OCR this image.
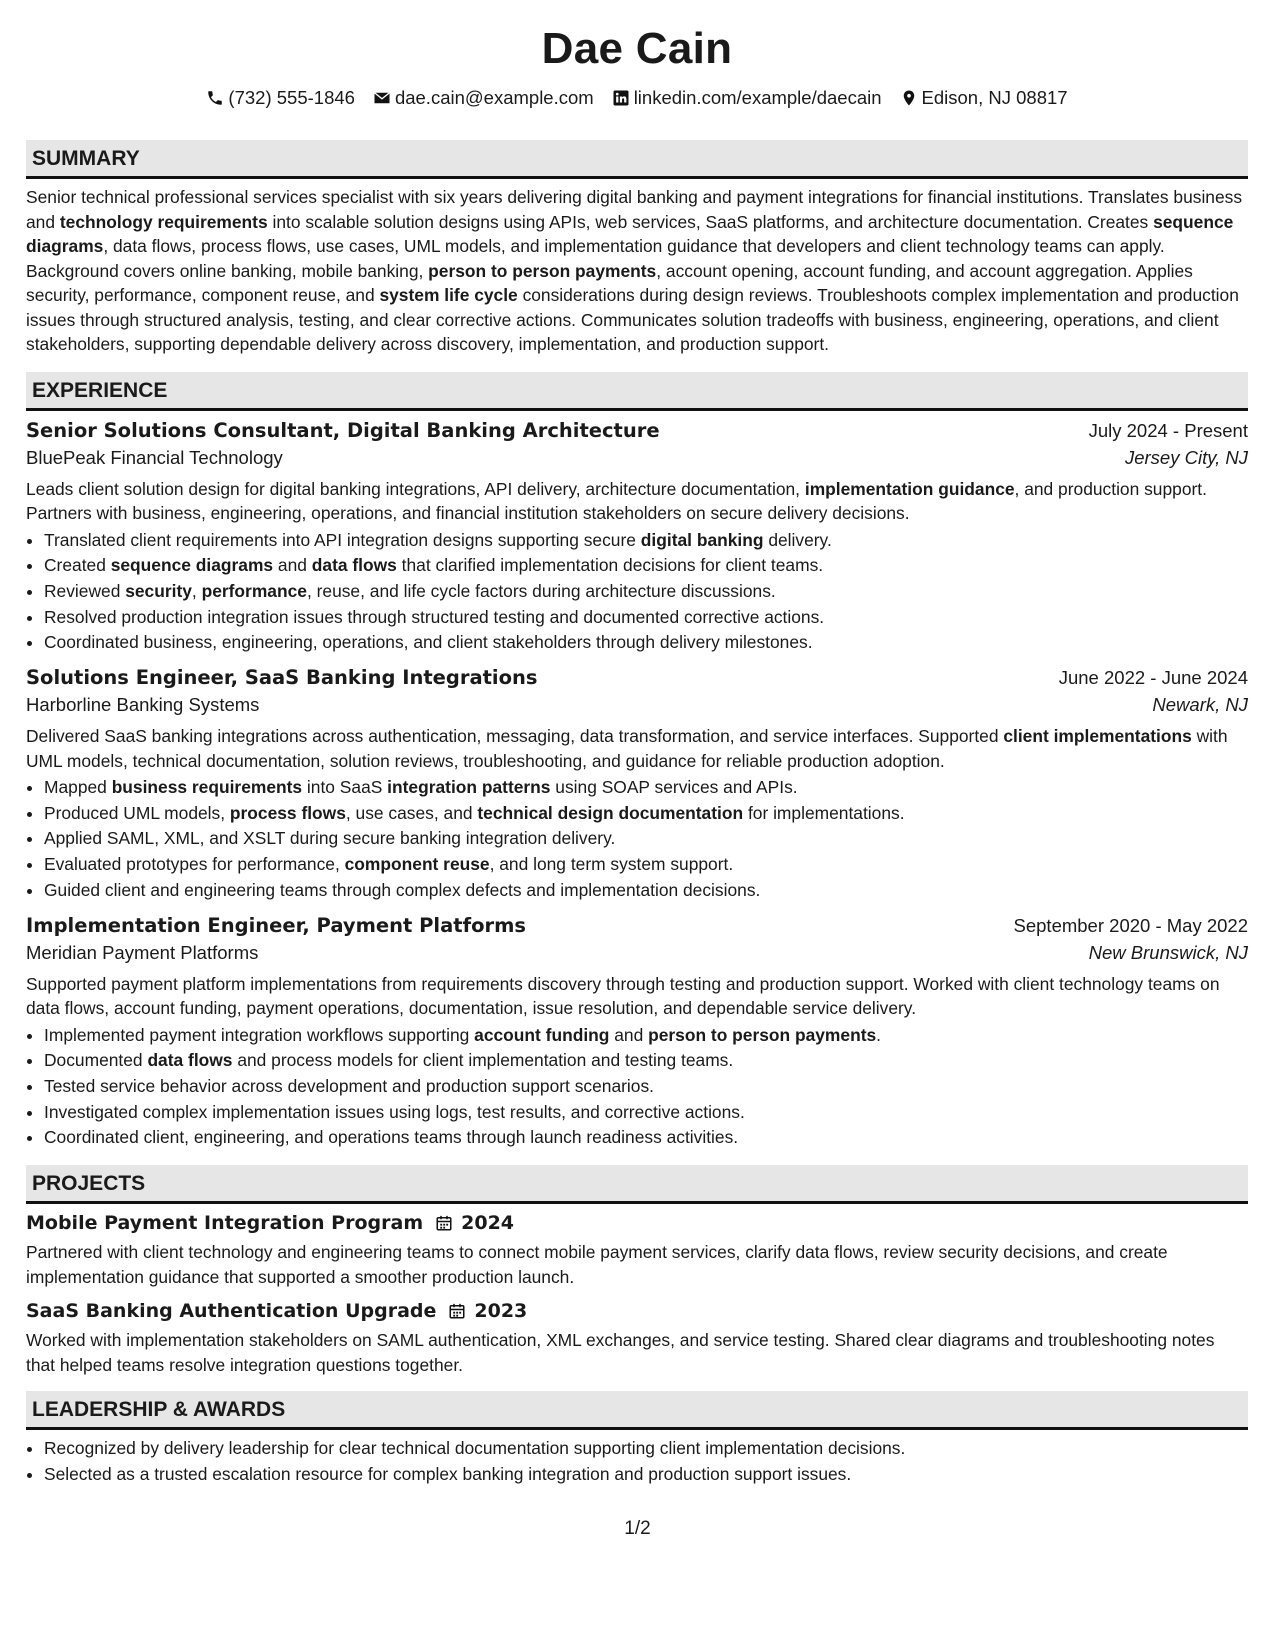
Dae Cain
(732) 555-1846 dae.cain@example.com linkedin.com/example/daecain Edison, NJ 08817
SUMMARY

Senior technical professional services specialist with six years delivering digital banking and payment integrations for financial institutions. Translates business and technology requirements into scalable solution designs using APIs, web services, SaaS platforms, and architecture documentation. Creates sequence diagrams, data flows, process flows, use cases, UML models, and implementation guidance that developers and client technology teams can apply. Background covers online banking, mobile banking, person to person payments, account opening, account funding, and account aggregation. Applies security, performance, component reuse, and system life cycle considerations during design reviews. Troubleshoots complex implementation and production issues through structured analysis, testing, and clear corrective actions. Communicates solution tradeoffs with business, engineering, operations, and client stakeholders, supporting dependable delivery across discovery, implementation, and production support.

EXPERIENCE
Senior Solutions Consultant, Digital Banking Architecture	July 2024 - Present
BluePeak Financial Technology	Jersey City, NJ

Leads client solution design for digital banking integrations, API delivery, architecture documentation, implementation guidance, and production support. Partners with business, engineering, operations, and financial institution stakeholders on secure delivery decisions.

• Translated client requirements into API integration designs supporting secure digital banking delivery.
• Created sequence diagrams and data flows that clarified implementation decisions for client teams.
• Reviewed security, performance, reuse, and life cycle factors during architecture discussions.
• Resolved production integration issues through structured testing and documented corrective actions.
• Coordinated business, engineering, operations, and client stakeholders through delivery milestones.
Solutions Engineer, SaaS Banking Integrations	June 2022 - June 2024
Harborline Banking Systems	Newark, NJ

Delivered SaaS banking integrations across authentication, messaging, data transformation, and service interfaces. Supported client implementations with UML models, technical documentation, solution reviews, troubleshooting, and guidance for reliable production adoption.

• Mapped business requirements into SaaS integration patterns using SOAP services and APIs.
• Produced UML models, process flows, use cases, and technical design documentation for implementations.
• Applied SAML, XML, and XSLT during secure banking integration delivery.
• Evaluated prototypes for performance, component reuse, and long term system support.
• Guided client and engineering teams through complex defects and implementation decisions.
Implementation Engineer, Payment Platforms	September 2020 - May 2022
Meridian Payment Platforms	New Brunswick, NJ

Supported payment platform implementations from requirements discovery through testing and production support. Worked with client technology teams on data flows, account funding, payment operations, documentation, issue resolution, and dependable service delivery.

• Implemented payment integration workflows supporting account funding and person to person payments.
• Documented data flows and process models for client implementation and testing teams.
• Tested service behavior across development and production support scenarios.
• Investigated complex implementation issues using logs, test results, and corrective actions.
• Coordinated client, engineering, and operations teams through launch readiness activities.
PROJECTS
Mobile Payment Integration Program 2024

Partnered with client technology and engineering teams to connect mobile payment services, clarify data flows, review security decisions, and create implementation guidance that supported a smoother production launch.

SaaS Banking Authentication Upgrade 2023

Worked with implementation stakeholders on SAML authentication, XML exchanges, and service testing. Shared clear diagrams and troubleshooting notes that helped teams resolve integration questions together.

LEADERSHIP & AWARDS
• Recognized by delivery leadership for clear technical documentation supporting client implementation decisions.
• Selected as a trusted escalation resource for complex banking integration and production support issues.
1/2
